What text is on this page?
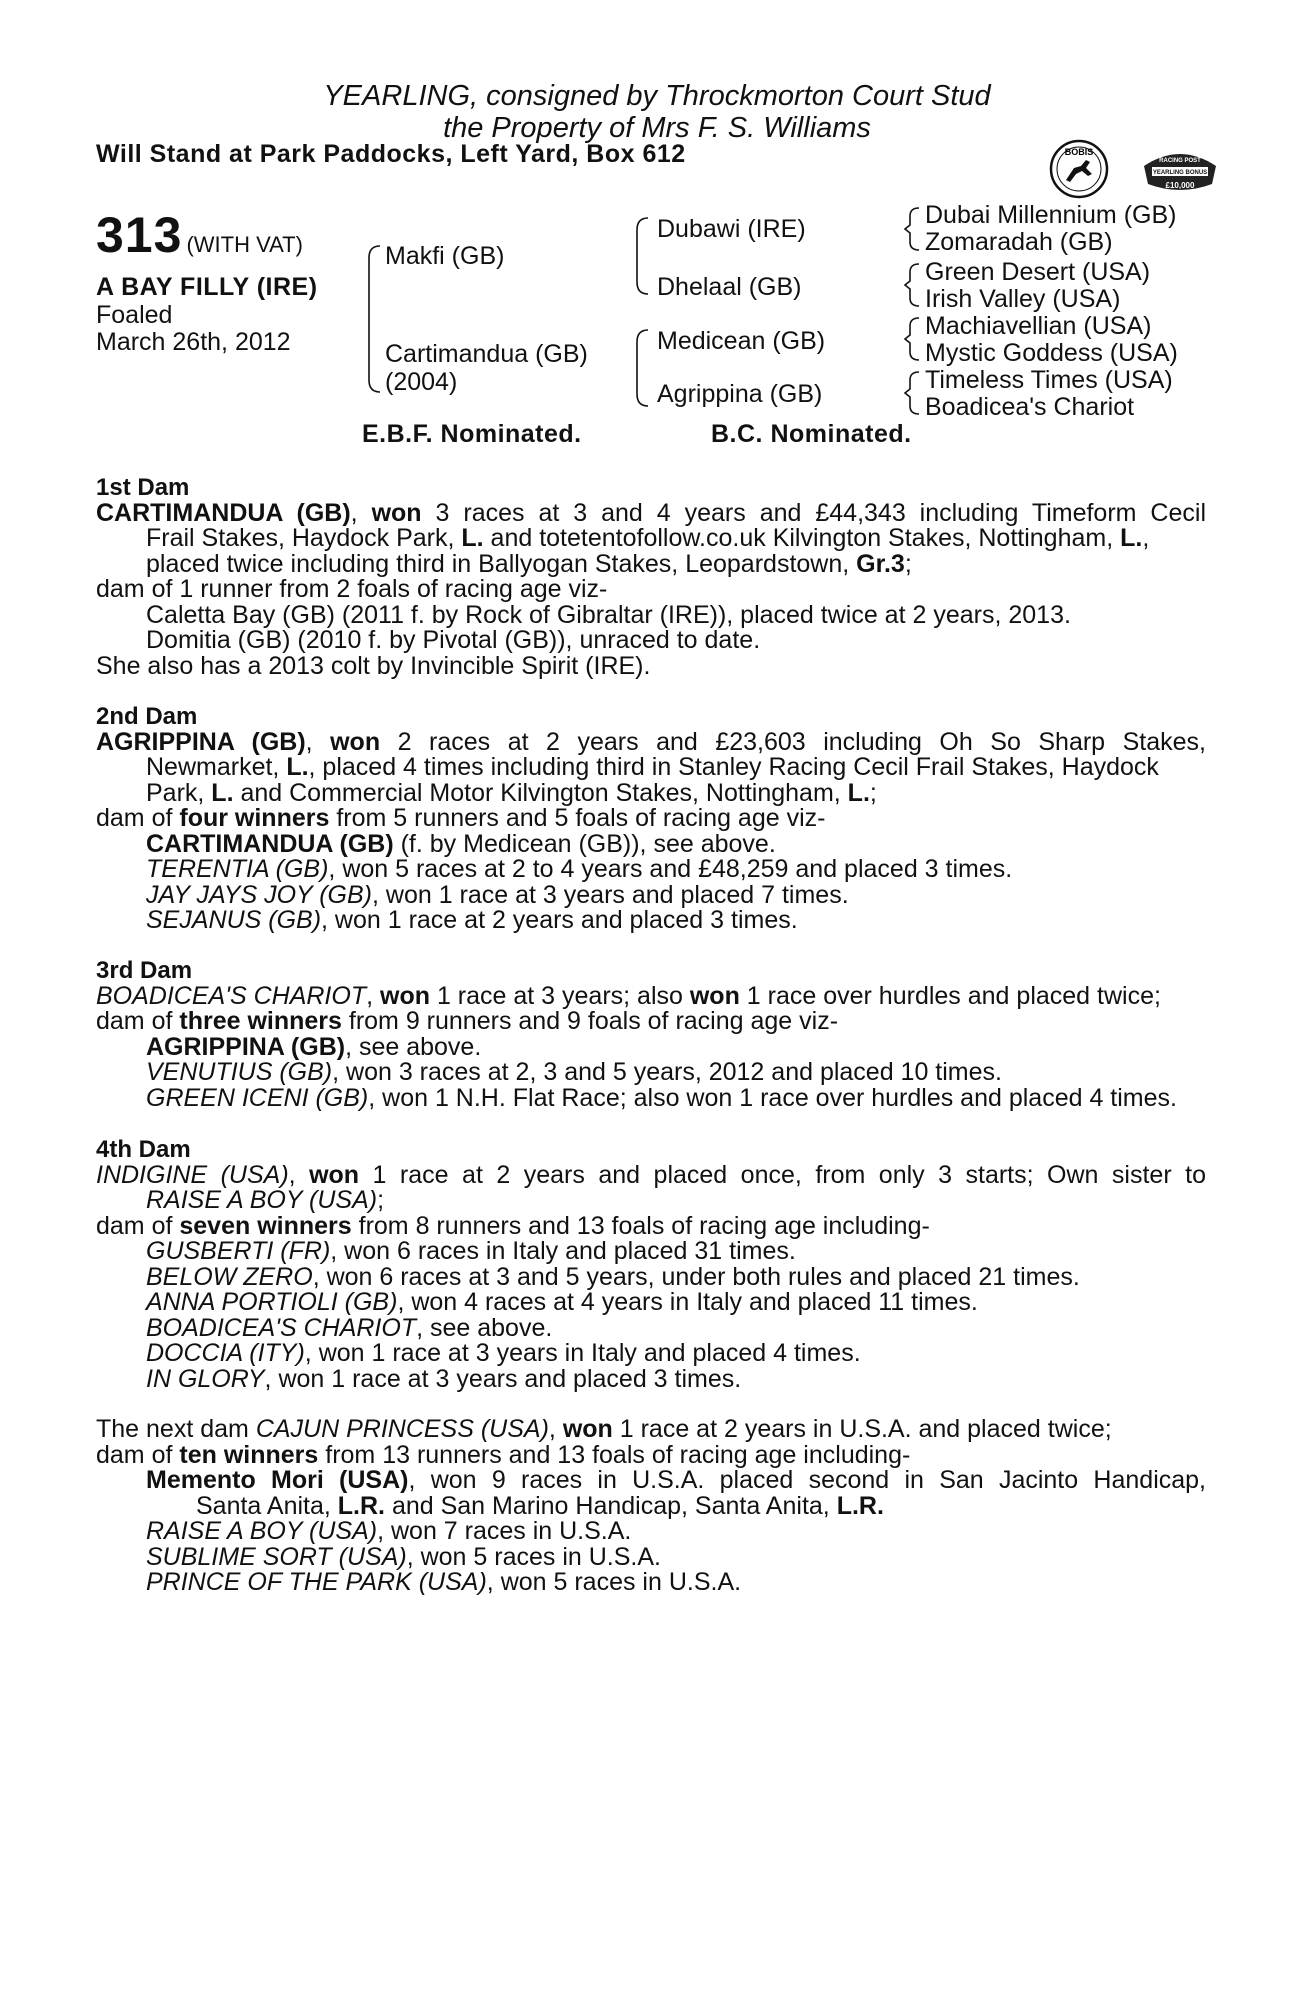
YEARLING, consigned by Throckmorton Court Stud
the Property of Mrs F. S. Williams
Will Stand at Park Paddocks, Left Yard, Box 612	BOBIS
RACING POST
YEARLING BONUS
£10,000
313 (WITH VAT)
A BAY FILLY (IRE)
Foaled
March 26th, 2012
Makfi (GB)
Cartimandua (GB)
(2004)
Dubawi (IRE)
Dhelaal (GB)
Medicean (GB)
Agrippina (GB)
Dubai Millennium (GB)
Zomaradah (GB)
Green Desert (USA)
Irish Valley (USA)
Machiavellian (USA)
Mystic Goddess (USA)
Timeless Times (USA)
Boadicea's Chariot
E.B.F. Nominated.	B.C. Nominated.
1st Dam
CARTIMANDUA (GB), won 3 races at 3 and 4 years and £44,343 including Timeform Cecil
Frail Stakes, Haydock Park, L. and totetentofollow.co.uk Kilvington Stakes, Nottingham, L.,
placed twice including third in Ballyogan Stakes, Leopardstown, Gr.3;
dam of 1 runner from 2 foals of racing age viz-
Caletta Bay (GB) (2011 f. by Rock of Gibraltar (IRE)), placed twice at 2 years, 2013.
Domitia (GB) (2010 f. by Pivotal (GB)), unraced to date.
She also has a 2013 colt by Invincible Spirit (IRE).
2nd Dam
AGRIPPINA (GB), won 2 races at 2 years and £23,603 including Oh So Sharp Stakes,
Newmarket, L., placed 4 times including third in Stanley Racing Cecil Frail Stakes, Haydock
Park, L. and Commercial Motor Kilvington Stakes, Nottingham, L.;
dam of four winners from 5 runners and 5 foals of racing age viz-
CARTIMANDUA (GB) (f. by Medicean (GB)), see above.
TERENTIA (GB), won 5 races at 2 to 4 years and £48,259 and placed 3 times.
JAY JAYS JOY (GB), won 1 race at 3 years and placed 7 times.
SEJANUS (GB), won 1 race at 2 years and placed 3 times.
3rd Dam
BOADICEA'S CHARIOT, won 1 race at 3 years; also won 1 race over hurdles and placed twice;
dam of three winners from 9 runners and 9 foals of racing age viz-
AGRIPPINA (GB), see above.
VENUTIUS (GB), won 3 races at 2, 3 and 5 years, 2012 and placed 10 times.
GREEN ICENI (GB), won 1 N.H. Flat Race; also won 1 race over hurdles and placed 4 times.
4th Dam
INDIGINE (USA), won 1 race at 2 years and placed once, from only 3 starts; Own sister to
RAISE A BOY (USA);
dam of seven winners from 8 runners and 13 foals of racing age including-
GUSBERTI (FR), won 6 races in Italy and placed 31 times.
BELOW ZERO, won 6 races at 3 and 5 years, under both rules and placed 21 times.
ANNA PORTIOLI (GB), won 4 races at 4 years in Italy and placed 11 times.
BOADICEA'S CHARIOT, see above.
DOCCIA (ITY), won 1 race at 3 years in Italy and placed 4 times.
IN GLORY, won 1 race at 3 years and placed 3 times.
The next dam CAJUN PRINCESS (USA), won 1 race at 2 years in U.S.A. and placed twice;
dam of ten winners from 13 runners and 13 foals of racing age including-
Memento Mori (USA), won 9 races in U.S.A. placed second in San Jacinto Handicap,
Santa Anita, L.R. and San Marino Handicap, Santa Anita, L.R.
RAISE A BOY (USA), won 7 races in U.S.A.
SUBLIME SORT (USA), won 5 races in U.S.A.
PRINCE OF THE PARK (USA), won 5 races in U.S.A.
